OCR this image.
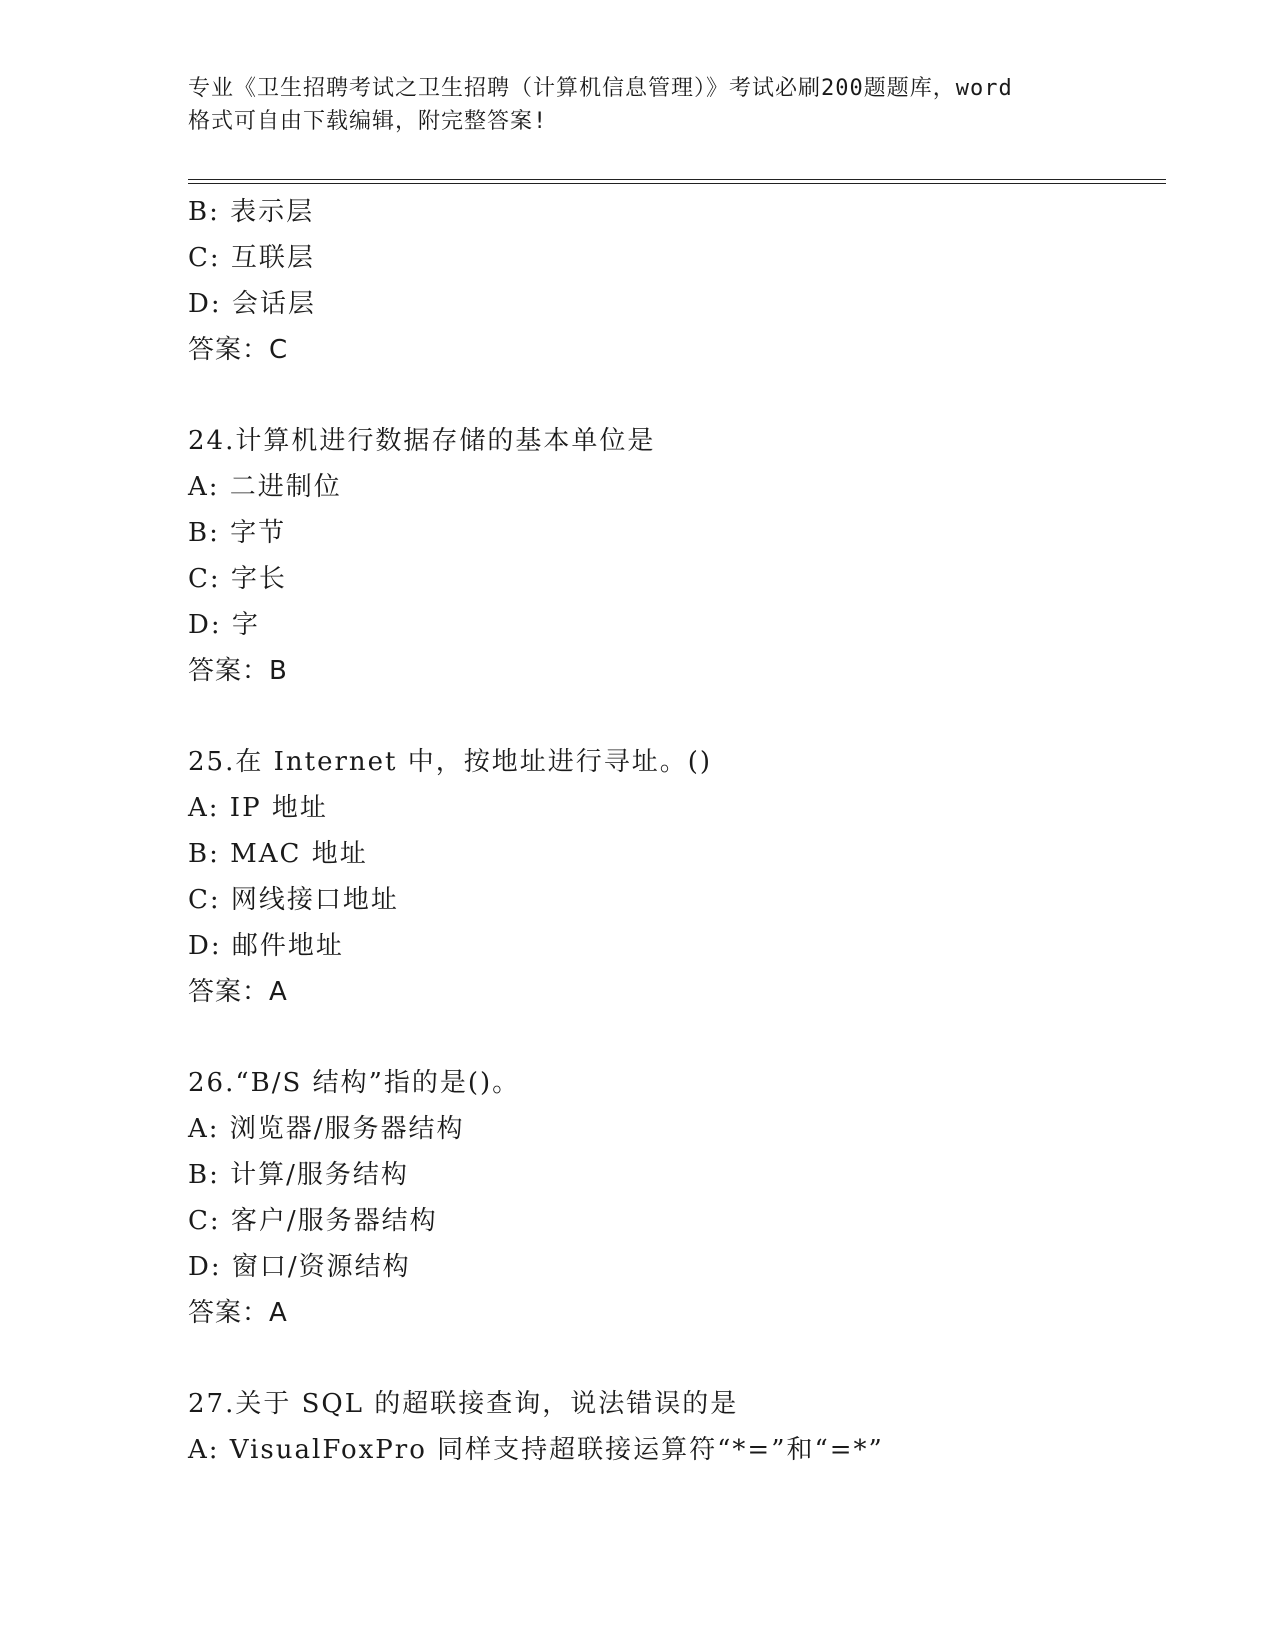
专业《卫生招聘考试之卫生招聘（计算机信息管理）》考试必刷200题题库，word
格式可自由下载编辑，附完整答案!
B: 表示层
C: 互联层
D: 会话层
答案：C
24.计算机进行数据存储的基本单位是
A: 二进制位
B: 字节
C: 字长
D: 字
答案：B
25.在 Internet 中，按地址进行寻址。()
A: IP 地址
B: MAC 地址
C: 网线接口地址
D: 邮件地址
答案：A
26.“B/S 结构”指的是()。
A: 浏览器/服务器结构
B: 计算/服务结构
C: 客户/服务器结构
D: 窗口/资源结构
答案：A
27.关于 SQL 的超联接查询，说法错误的是
A: VisualFoxPro 同样支持超联接运算符“*=”和“=*”
